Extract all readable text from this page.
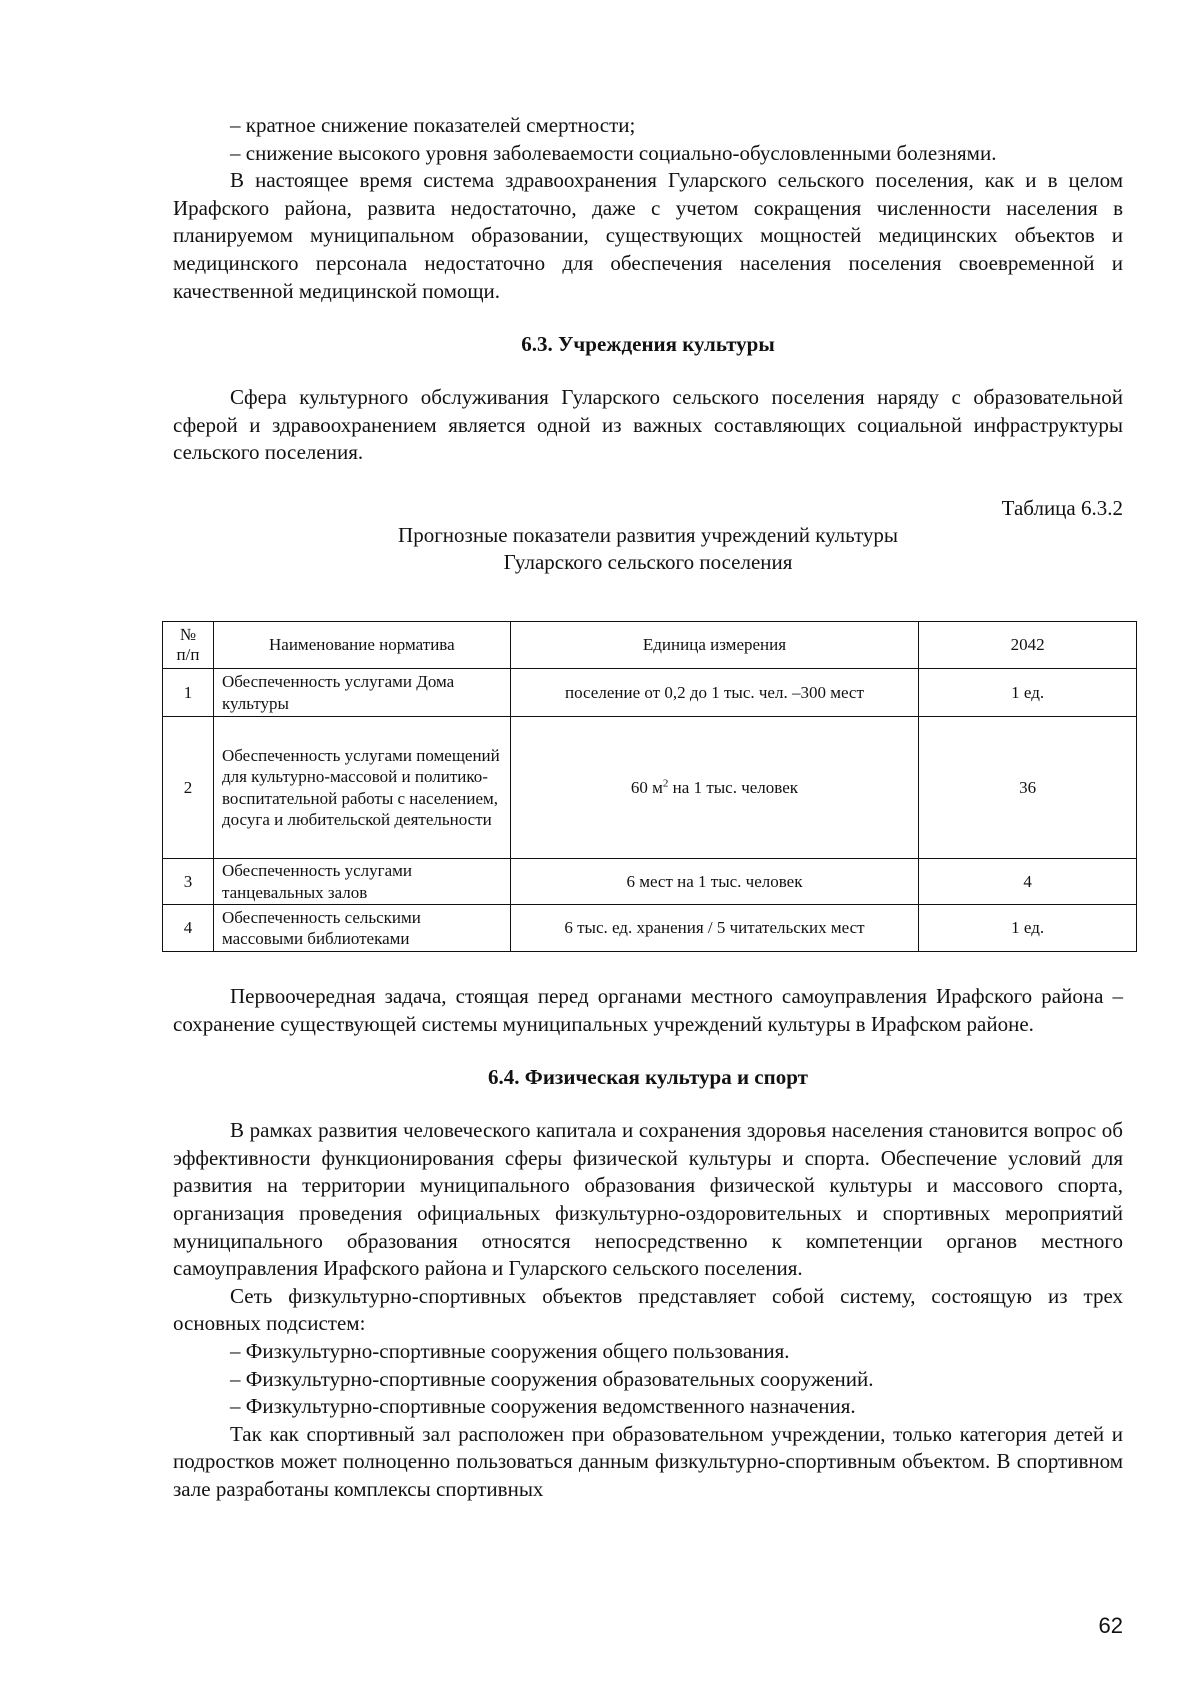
– кратное снижение показателей смертности;

– снижение высокого уровня заболеваемости социально-обусловленными болезнями.

В настоящее время система здравоохранения Гуларского сельского поселения, как и в целом Ирафского района, развита недостаточно, даже с учетом сокращения численности населения в планируемом муниципальном образовании, существующих мощностей медицинских объектов и медицинского персонала недостаточно для обеспечения населения поселения своевременной и качественной медицинской помощи.

6.3. Учреждения культуры

Сфера культурного обслуживания Гуларского сельского поселения наряду с образовательной сферой и здравоохранением является одной из важных составляющих социальной инфраструктуры сельского поселения.

Таблица 6.3.2
Прогнозные показатели развития учреждений культуры
Гуларского сельского поселения
№ п/п	Наименование норматива	Единица измерения	2042
1	Обеспеченность услугами Дома культуры	поселение от 0,2 до 1 тыс. чел. –300 мест	1 ед.
2	Обеспеченность услугами помещений для культурно-массовой и политико-воспитательной работы с населением, досуга и любительской деятельности	60 $м^2$ на 1 тыс. человек	36
3	Обеспеченность услугами танцевальных залов	6 мест на 1 тыс. человек	4
4	Обеспеченность сельскими массовыми библиотеками	6 тыс. ед. хранения / 5 читательских мест	1 ед.

Первоочередная задача, стоящая перед органами местного самоуправления Ирафского района – сохранение существующей системы муниципальных учреждений культуры в Ирафском районе.

6.4. Физическая культура и спорт

В рамках развития человеческого капитала и сохранения здоровья населения становится вопрос об эффективности функционирования сферы физической культуры и спорта. Обеспечение условий для развития на территории муниципального образования физической культуры и массового спорта, организация проведения официальных физкультурно-оздоровительных и спортивных мероприятий муниципального образования относятся непосредственно к компетенции органов местного самоуправления Ирафского района и Гуларского сельского поселения.

Сеть физкультурно-спортивных объектов представляет собой систему, состоящую из трех основных подсистем:

– Физкультурно-спортивные сооружения общего пользования.

– Физкультурно-спортивные сооружения образовательных сооружений.

– Физкультурно-спортивные сооружения ведомственного назначения.

Так как спортивный зал расположен при образовательном учреждении, только категория детей и подростков может полноценно пользоваться данным физкультурно-спортивным объектом. В спортивном зале разработаны комплексы спортивных

62
